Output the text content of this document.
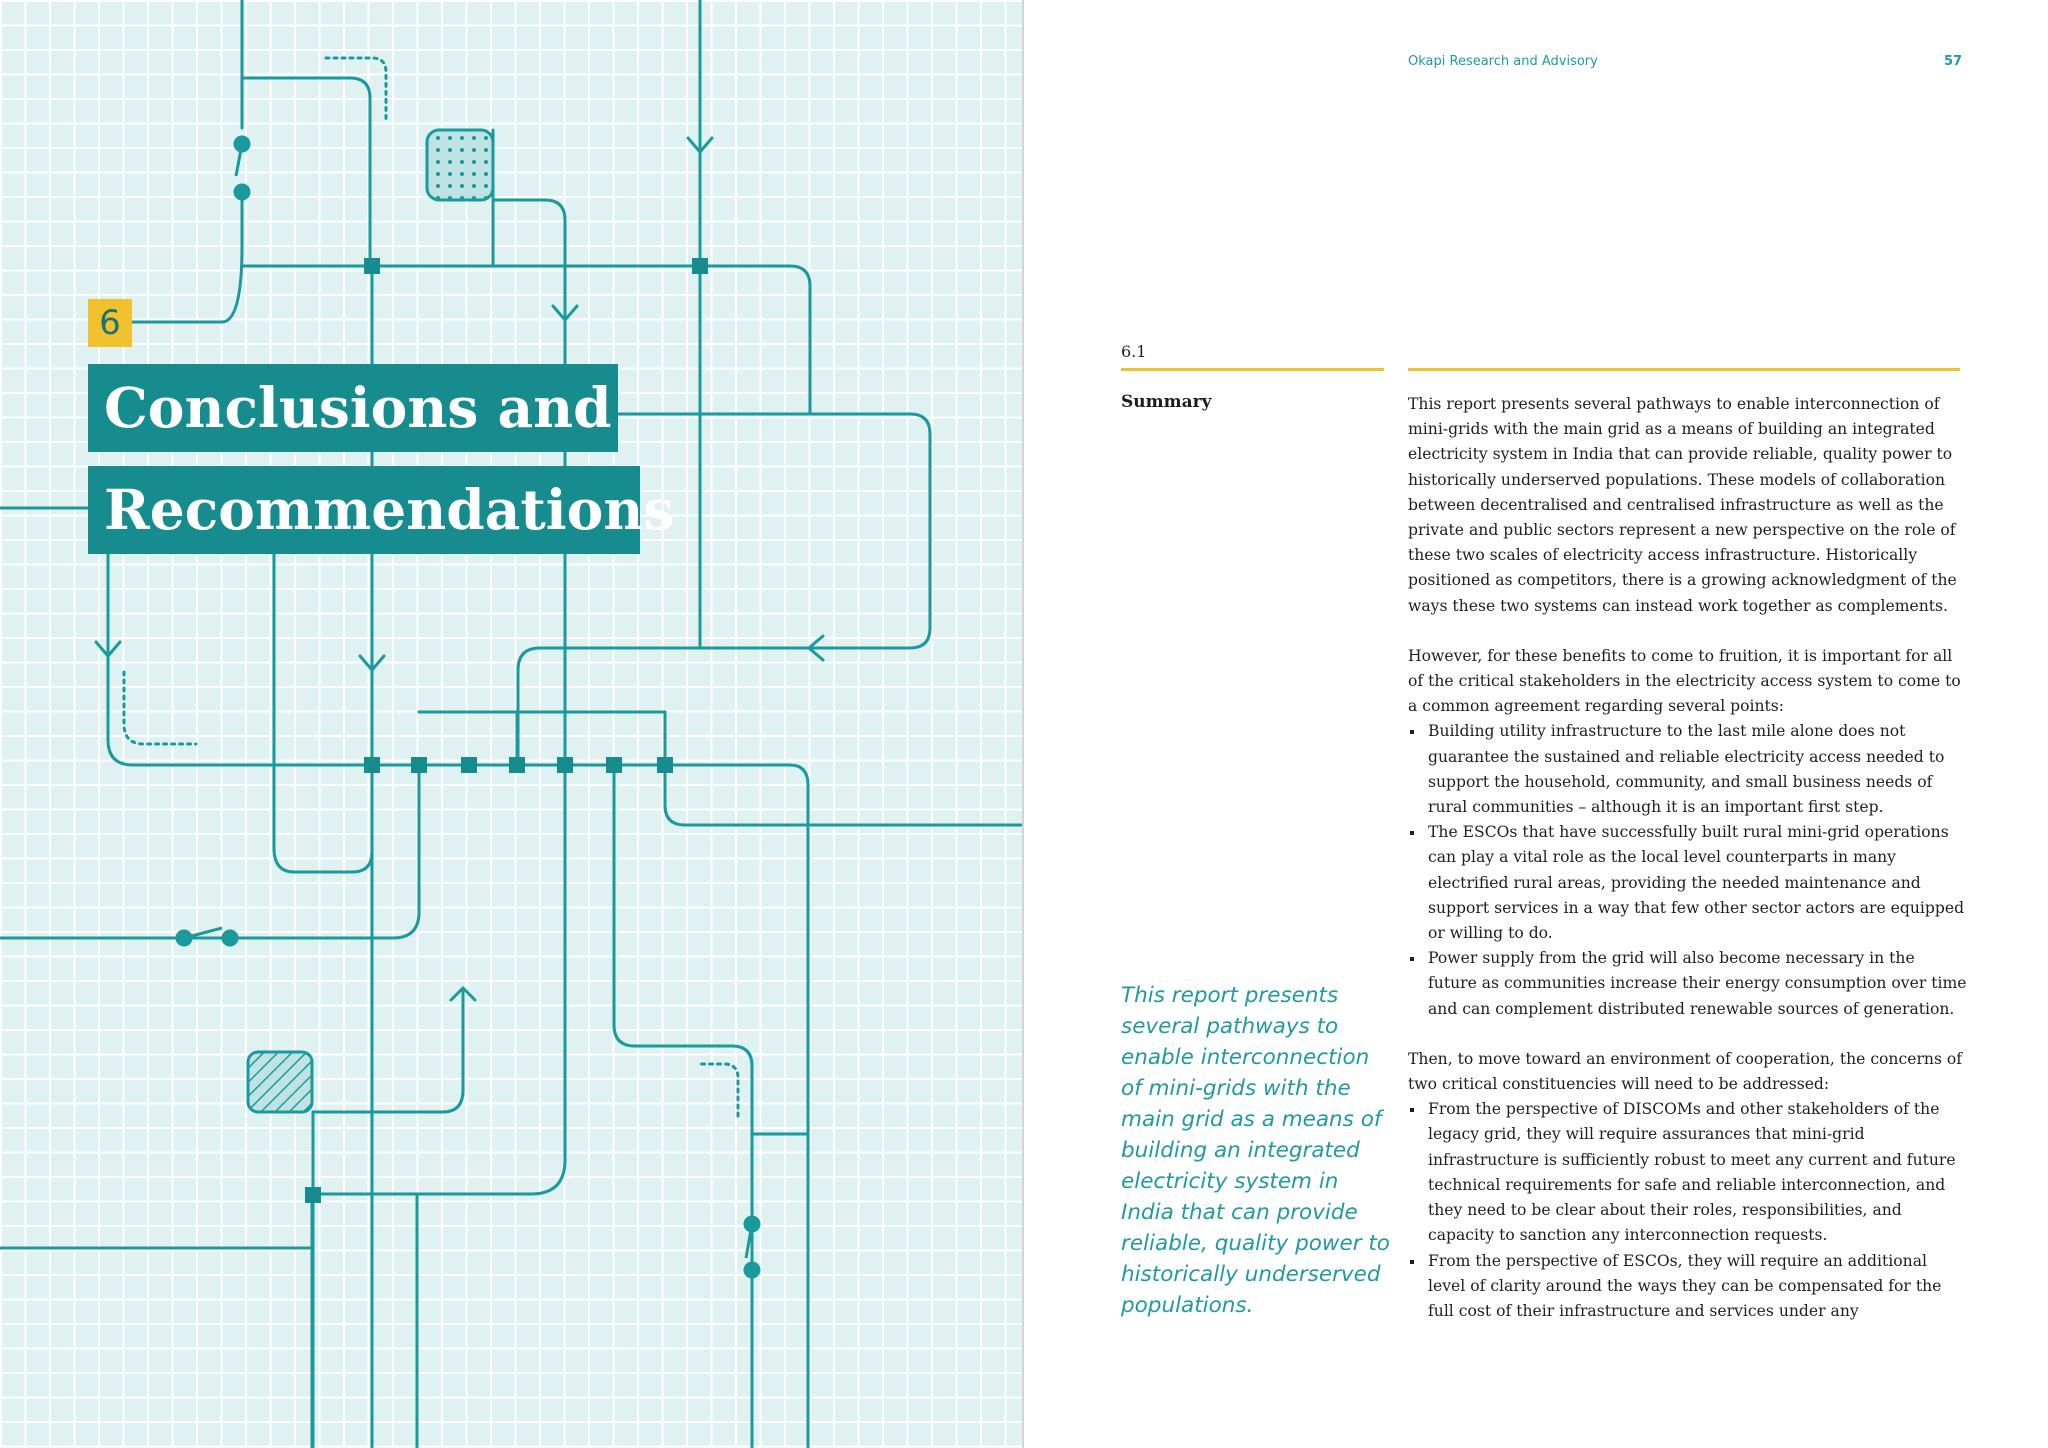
6
Conclusions and
Recommendations
Okapi Research and Advisory	57
6.1
Summary
This report presents several pathways to enable interconnection of mini-grids with the main grid as a means of building an integrated electricity system in India that can provide reliable, quality power to historically underserved populations.

This report presents several pathways to enable interconnection of mini-grids with the main grid as a means of building an integrated electricity system in India that can provide reliable, quality power to historically underserved populations. These models of collaboration between decentralised and centralised infrastructure as well as the private and public sectors represent a new perspective on the role of these two scales of electricity access infrastructure. Historically positioned as competitors, there is a growing acknowledgment of the ways these two systems can instead work together as complements.

However, for these benefits to come to fruition, it is important for all of the critical stakeholders in the electricity access system to come to a common agreement regarding several points:

Building utility infrastructure to the last mile alone does not guarantee the sustained and reliable electricity access needed to support the household, community, and small business needs of rural communities – although it is an important first step.
The ESCOs that have successfully built rural mini-grid operations can play a vital role as the local level counterparts in many electrified rural areas, providing the needed maintenance and support services in a way that few other sector actors are equipped or willing to do.
Power supply from the grid will also become necessary in the future as communities increase their energy consumption over time and can complement distributed renewable sources of generation.

Then, to move toward an environment of cooperation, the concerns of two critical constituencies will need to be addressed:

From the perspective of DISCOMs and other stakeholders of the legacy grid, they will require assurances that mini-grid infrastructure is sufficiently robust to meet any current and future technical requirements for safe and reliable interconnection, and they need to be clear about their roles, responsibilities, and capacity to sanction any interconnection requests.
From the perspective of ESCOs, they will require an additional level of clarity around the ways they can be compensated for the full cost of their infrastructure and services under any
